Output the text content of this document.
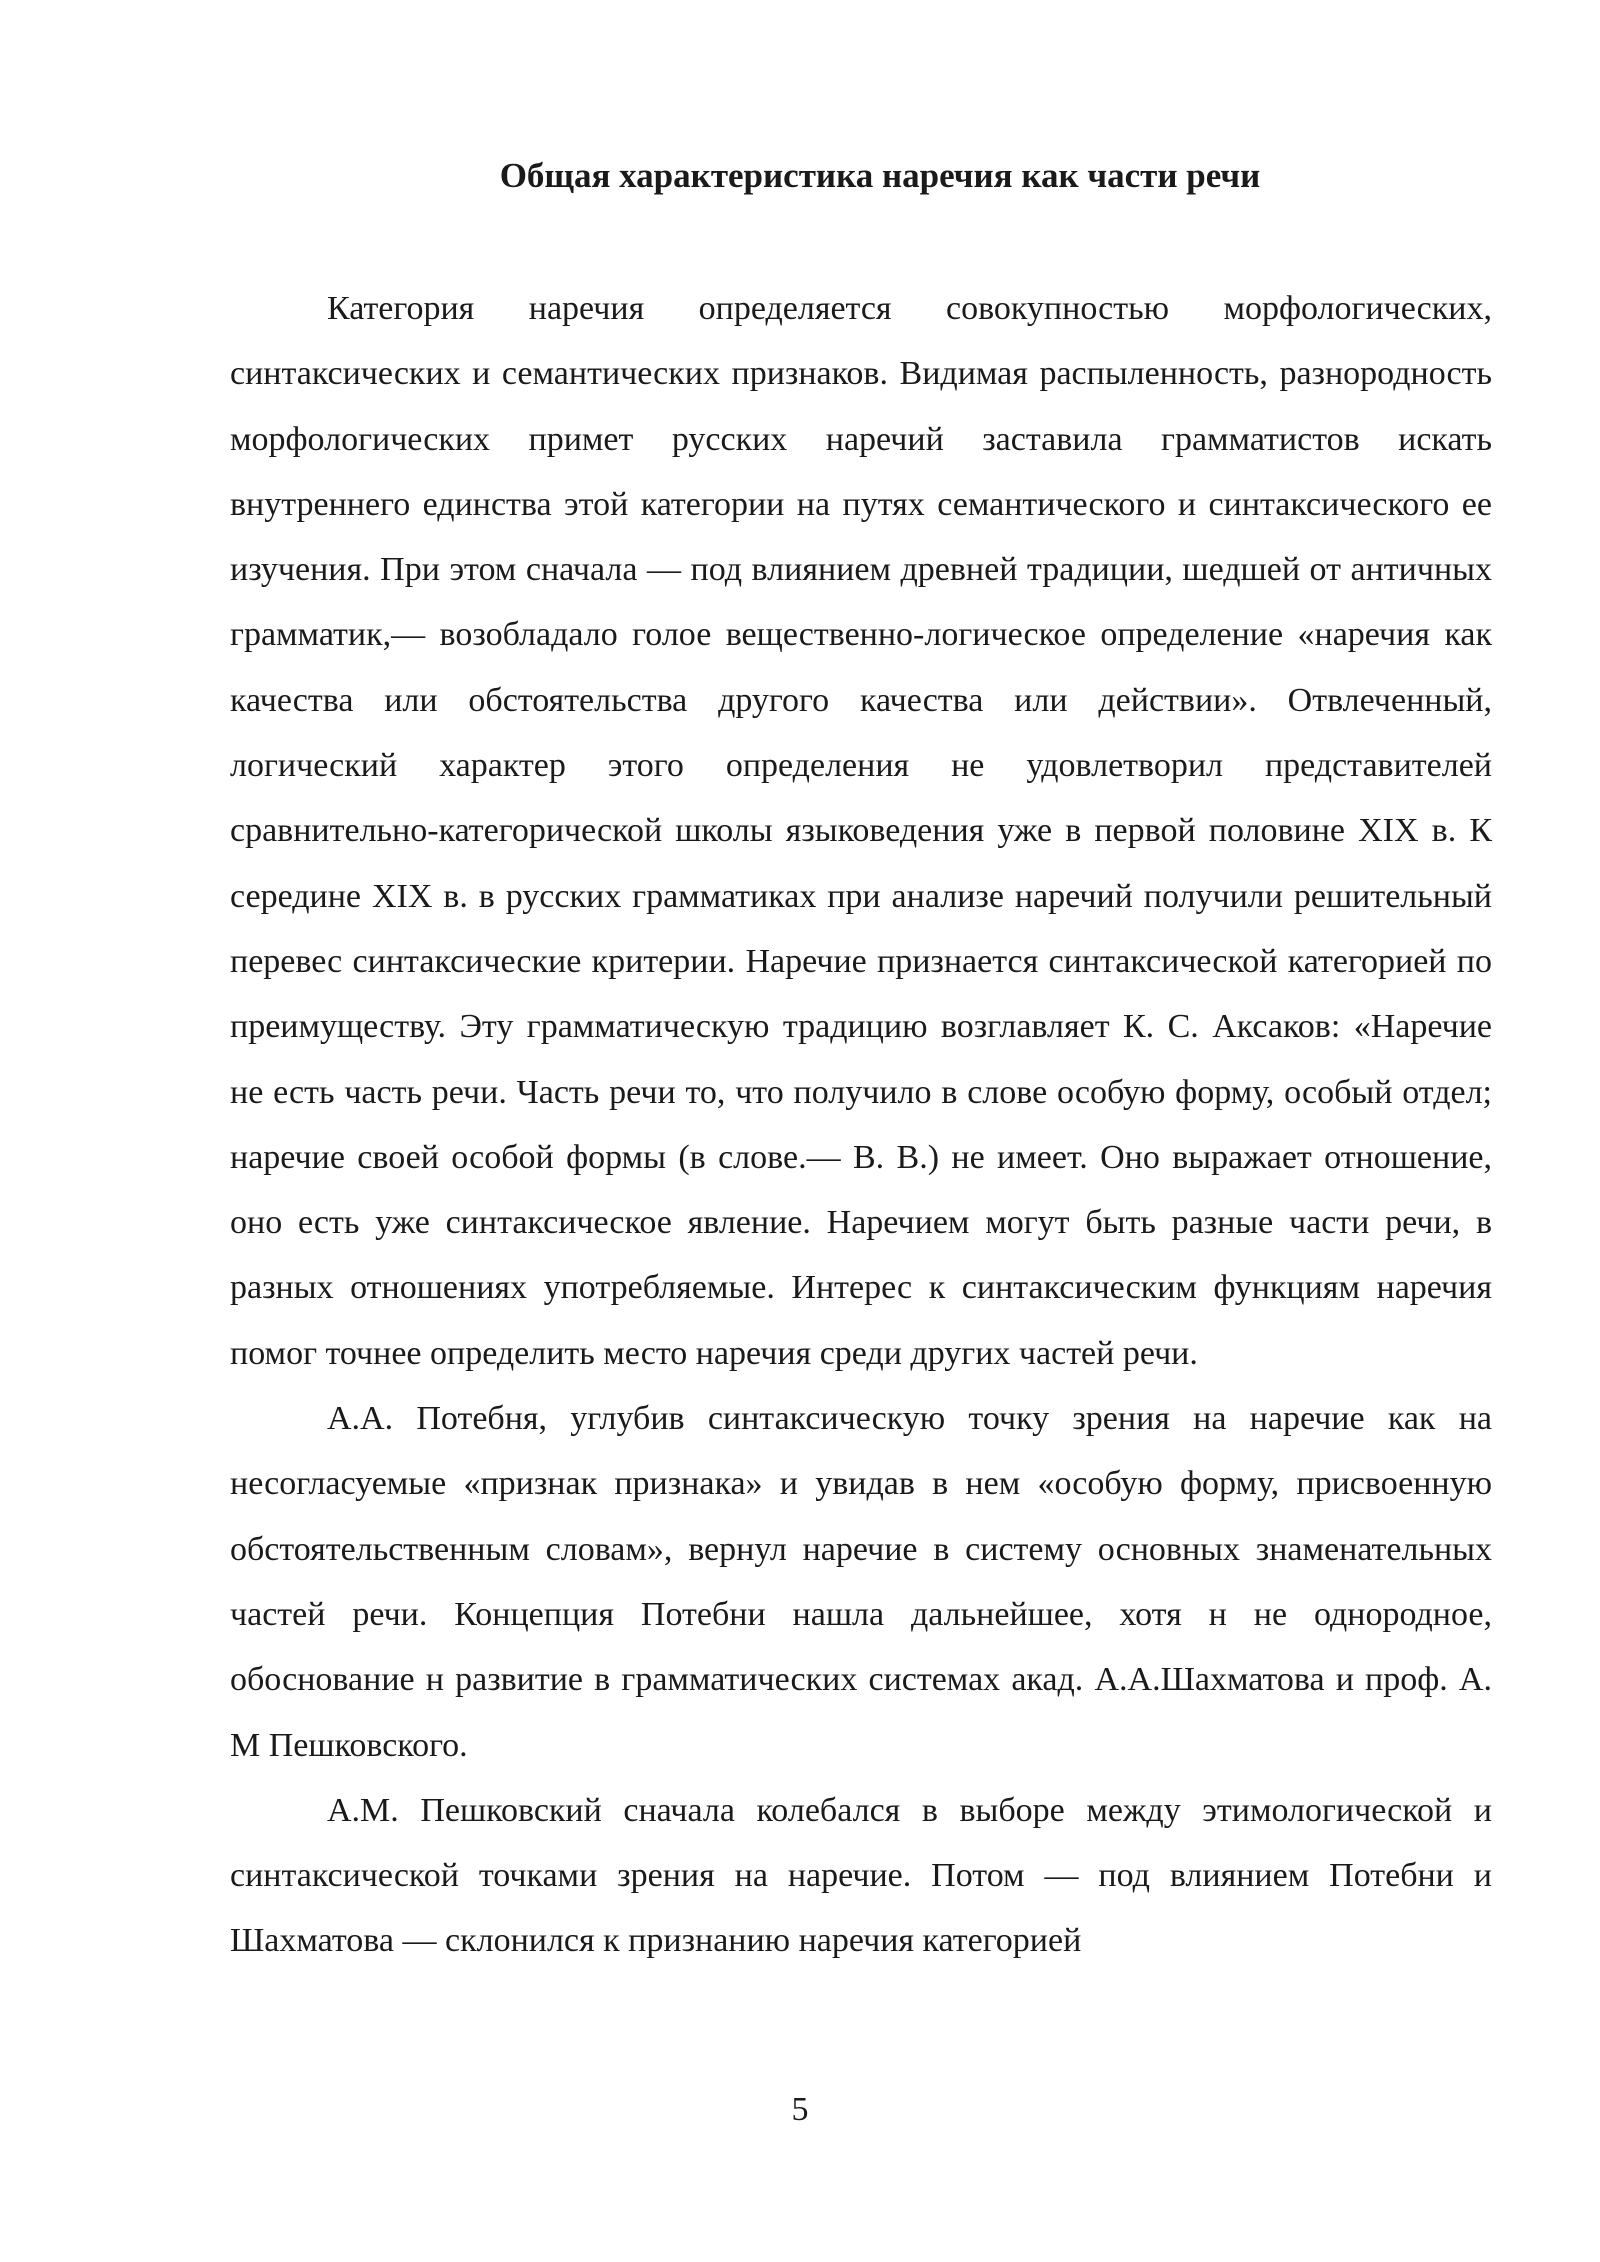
Общая характеристика наречия как части речи

Категория наречия определяется совокупностью морфологических, синтаксических и семантических признаков. Видимая распыленность, разнородность морфологических примет русских наречий заставила грамматистов искать внутреннего единства этой категории на путях семантического и синтаксического ее изучения. При этом сначала — под влиянием древней традиции, шедшей от античных грамматик,— возобладало голое вещественно-логическое определение «наречия как качества или обстоятельства другого качества или действии». Отвлеченный, логический характер этого определения не удовлетворил представителей сравнительно-категорической школы языковедения уже в первой половине XIX в. К середине XIX в. в русских грамматиках при анализе наречий получили решительный перевес синтаксические критерии. Наречие признается синтаксической категорией по преимуществу. Эту грамматическую традицию возглавляет К. С. Аксаков: «Наречие не есть часть речи. Часть речи то, что получило в слове особую форму, особый отдел; наречие своей особой формы (в слове.— В. В.) не имеет. Оно выражает отношение, оно есть уже синтаксическое явление. Наречием могут быть разные части речи, в разных отношениях употребляемые. Интерес к синтаксическим функциям наречия помог точнее определить место наречия среди других частей речи.

А.А. Потебня, углубив синтаксическую точку зрения на наречие как на несогласуемые «признак признака» и увидав в нем «особую форму, присвоенную обстоятельственным словам», вернул наречие в систему основных знаменательных частей речи. Концепция Потебни нашла дальнейшее, хотя н не однородное, обоснование н развитие в грамматических системах акад. А.А.Шахматова и проф. А. М Пешковского.

А.М. Пешковский сначала колебался в выборе между этимологической и синтаксической точками зрения на наречие. Потом — под влиянием Потебни и Шахматова — склонился к признанию наречия категорией

5
